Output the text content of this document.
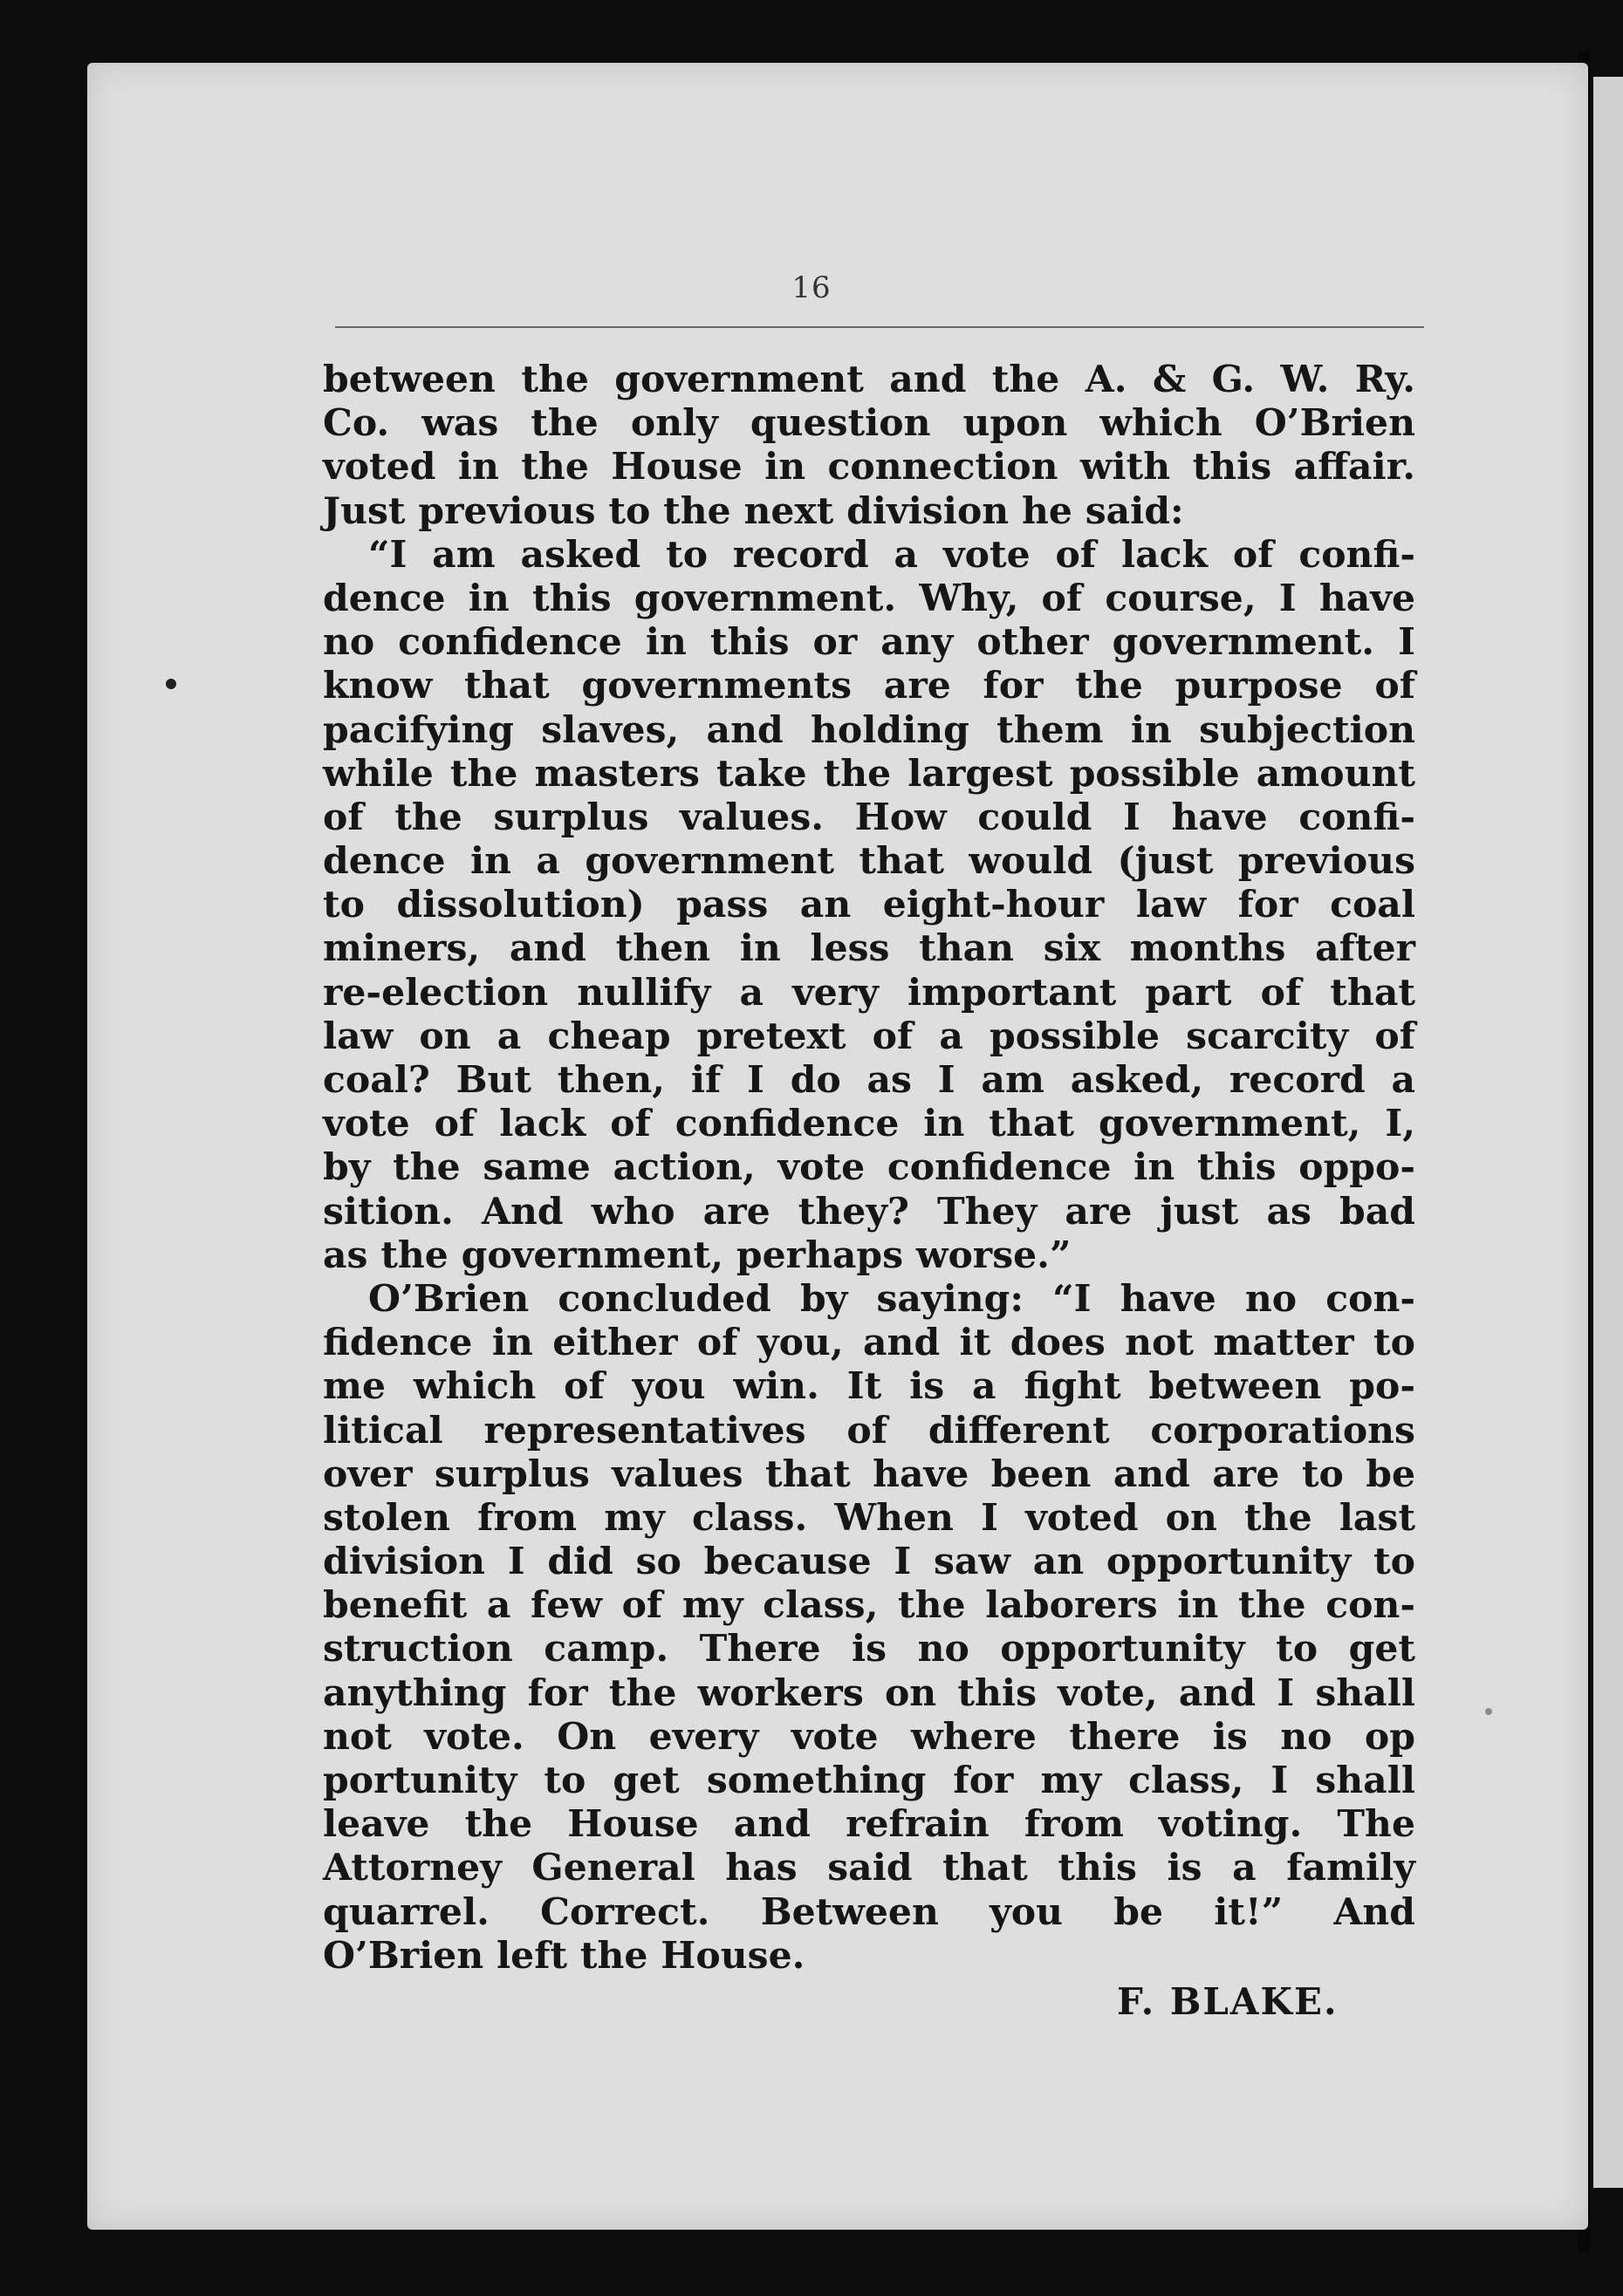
16
between the government and the A. & G. W. Ry.
Co. was the only question upon which O’Brien
voted in the House in connection with this affair.
Just previous to the next division he said:
“I am asked to record a vote of lack of confi-
dence in this government. Why, of course, I have
no confidence in this or any other government. I
know that governments are for the purpose of
pacifying slaves, and holding them in subjection
while the masters take the largest possible amount
of the surplus values. How could I have confi-
dence in a government that would (just previous
to dissolution) pass an eight-hour law for coal
miners, and then in less than six months after
re-election nullify a very important part of that
law on a cheap pretext of a possible scarcity of
coal? But then, if I do as I am asked, record a
vote of lack of confidence in that government, I,
by the same action, vote confidence in this oppo-
sition. And who are they? They are just as bad
as the government, perhaps worse.”
O’Brien concluded by saying: “I have no con-
fidence in either of you, and it does not matter to
me which of you win. It is a fight between po-
litical representatives of different corporations
over surplus values that have been and are to be
stolen from my class. When I voted on the last
division I did so because I saw an opportunity to
benefit a few of my class, the laborers in the con-
struction camp. There is no opportunity to get
anything for the workers on this vote, and I shall
not vote. On every vote where there is no op
portunity to get something for my class, I shall
leave the House and refrain from voting. The
Attorney General has said that this is a family
quarrel. Correct. Between you be it!” And
O’Brien left the House.
F. BLAKE.
